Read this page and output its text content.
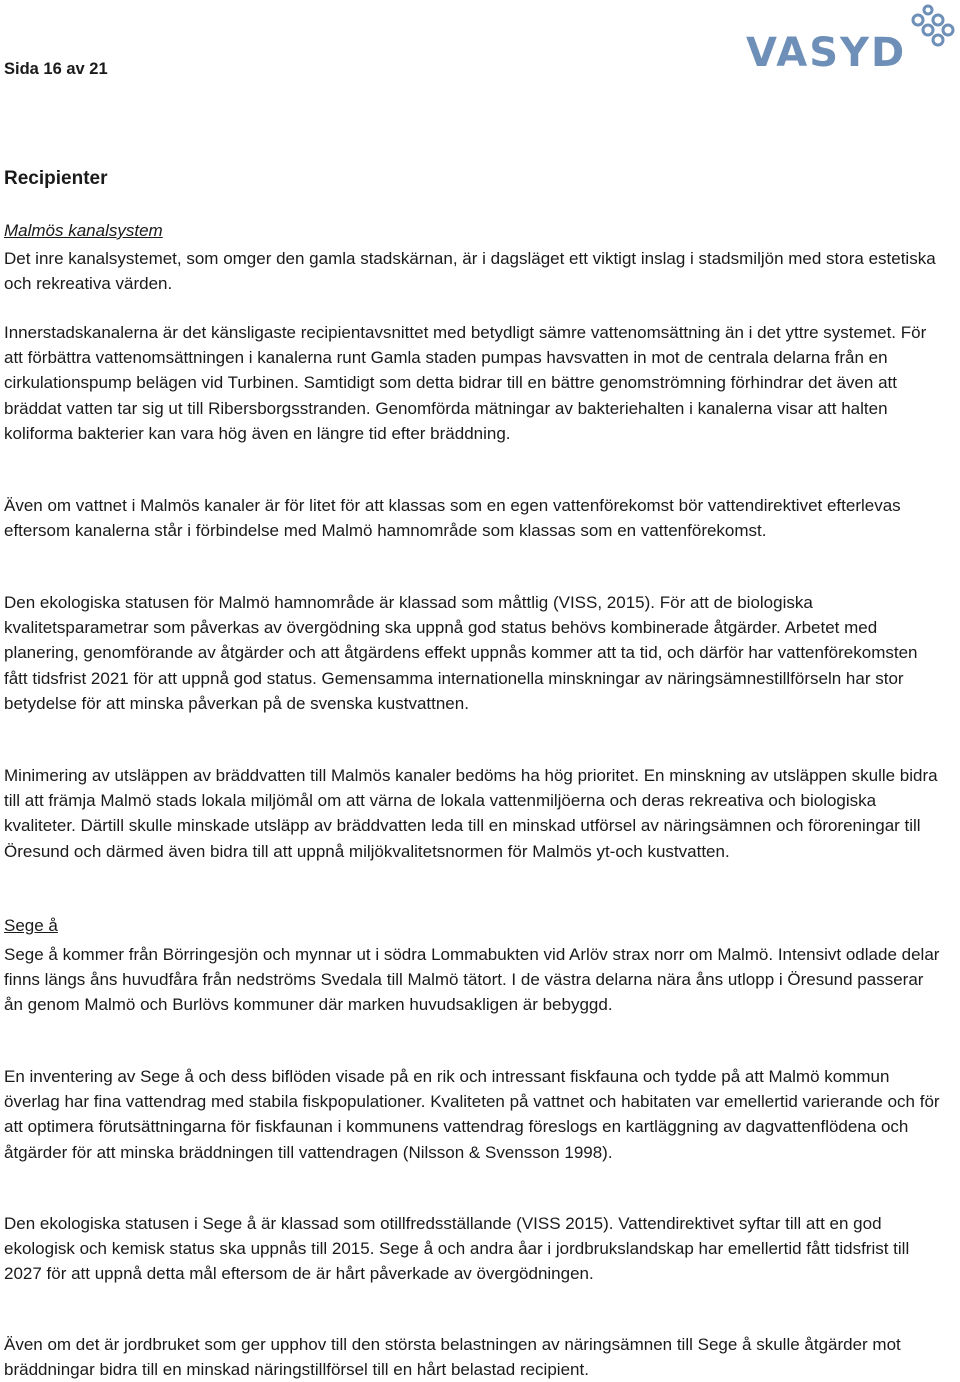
Sida 16 av 21	VASYD
Recipienter
Malmös kanalsystem
Det inre kanalsystemet, som omger den gamla stadskärnan, är i dagsläget ett viktigt inslag i stadsmiljön med stora estetiska och rekreativa värden.
Innerstadskanalerna är det känsligaste recipientavsnittet med betydligt sämre vattenomsättning än i det yttre systemet. För att förbättra vattenomsättningen i kanalerna runt Gamla staden pumpas havsvatten in mot de centrala delarna från en cirkulationspump belägen vid Turbinen. Samtidigt som detta bidrar till en bättre genomströmning förhindrar det även att bräddat vatten tar sig ut till Ribersborgsstranden. Genomförda mätningar av bakteriehalten i kanalerna visar att halten koliforma bakterier kan vara hög även en längre tid efter bräddning.
Även om vattnet i Malmös kanaler är för litet för att klassas som en egen vattenförekomst bör vattendirektivet efterlevas eftersom kanalerna står i förbindelse med Malmö hamnområde som klassas som en vattenförekomst.
Den ekologiska statusen för Malmö hamnområde är klassad som måttlig (VISS, 2015). För att de biologiska kvalitetsparametrar som påverkas av övergödning ska uppnå god status behövs kombinerade åtgärder. Arbetet med planering, genomförande av åtgärder och att åtgärdens effekt uppnås kommer att ta tid, och därför har vattenförekomsten fått tidsfrist 2021 för att uppnå god status. Gemensamma internationella minskningar av näringsämnestillförseln har stor betydelse för att minska påverkan på de svenska kustvattnen.
Minimering av utsläppen av bräddvatten till Malmös kanaler bedöms ha hög prioritet. En minskning av utsläppen skulle bidra till att främja Malmö stads lokala miljömål om att värna de lokala vattenmiljöerna och deras rekreativa och biologiska kvaliteter. Därtill skulle minskade utsläpp av bräddvatten leda till en minskad utförsel av näringsämnen och föroreningar till Öresund och därmed även bidra till att uppnå miljökvalitetsnormen för Malmös yt-och kustvatten.
Sege å
Sege å kommer från Börringesjön och mynnar ut i södra Lommabukten vid Arlöv strax norr om Malmö. Intensivt odlade delar finns längs åns huvudfåra från nedströms Svedala till Malmö tätort. I de västra delarna nära åns utlopp i Öresund passerar ån genom Malmö och Burlövs kommuner där marken huvudsakligen är bebyggd.
En inventering av Sege å och dess biflöden visade på en rik och intressant fiskfauna och tydde på att Malmö kommun överlag har fina vattendrag med stabila fiskpopulationer. Kvaliteten på vattnet och habitaten var emellertid varierande och för att optimera förutsättningarna för fiskfaunan i kommunens vattendrag föreslogs en kartläggning av dagvattenflödena och åtgärder för att minska bräddningen till vattendragen (Nilsson & Svensson 1998).
Den ekologiska statusen i Sege å är klassad som otillfredsställande (VISS 2015). Vattendirektivet syftar till att en god ekologisk och kemisk status ska uppnås till 2015. Sege å och andra åar i jordbrukslandskap har emellertid fått tidsfrist till 2027 för att uppnå detta mål eftersom de är hårt påverkade av övergödningen.
Även om det är jordbruket som ger upphov till den största belastningen av näringsämnen till Sege å skulle åtgärder mot bräddningar bidra till en minskad näringstillförsel till en hårt belastad recipient.
